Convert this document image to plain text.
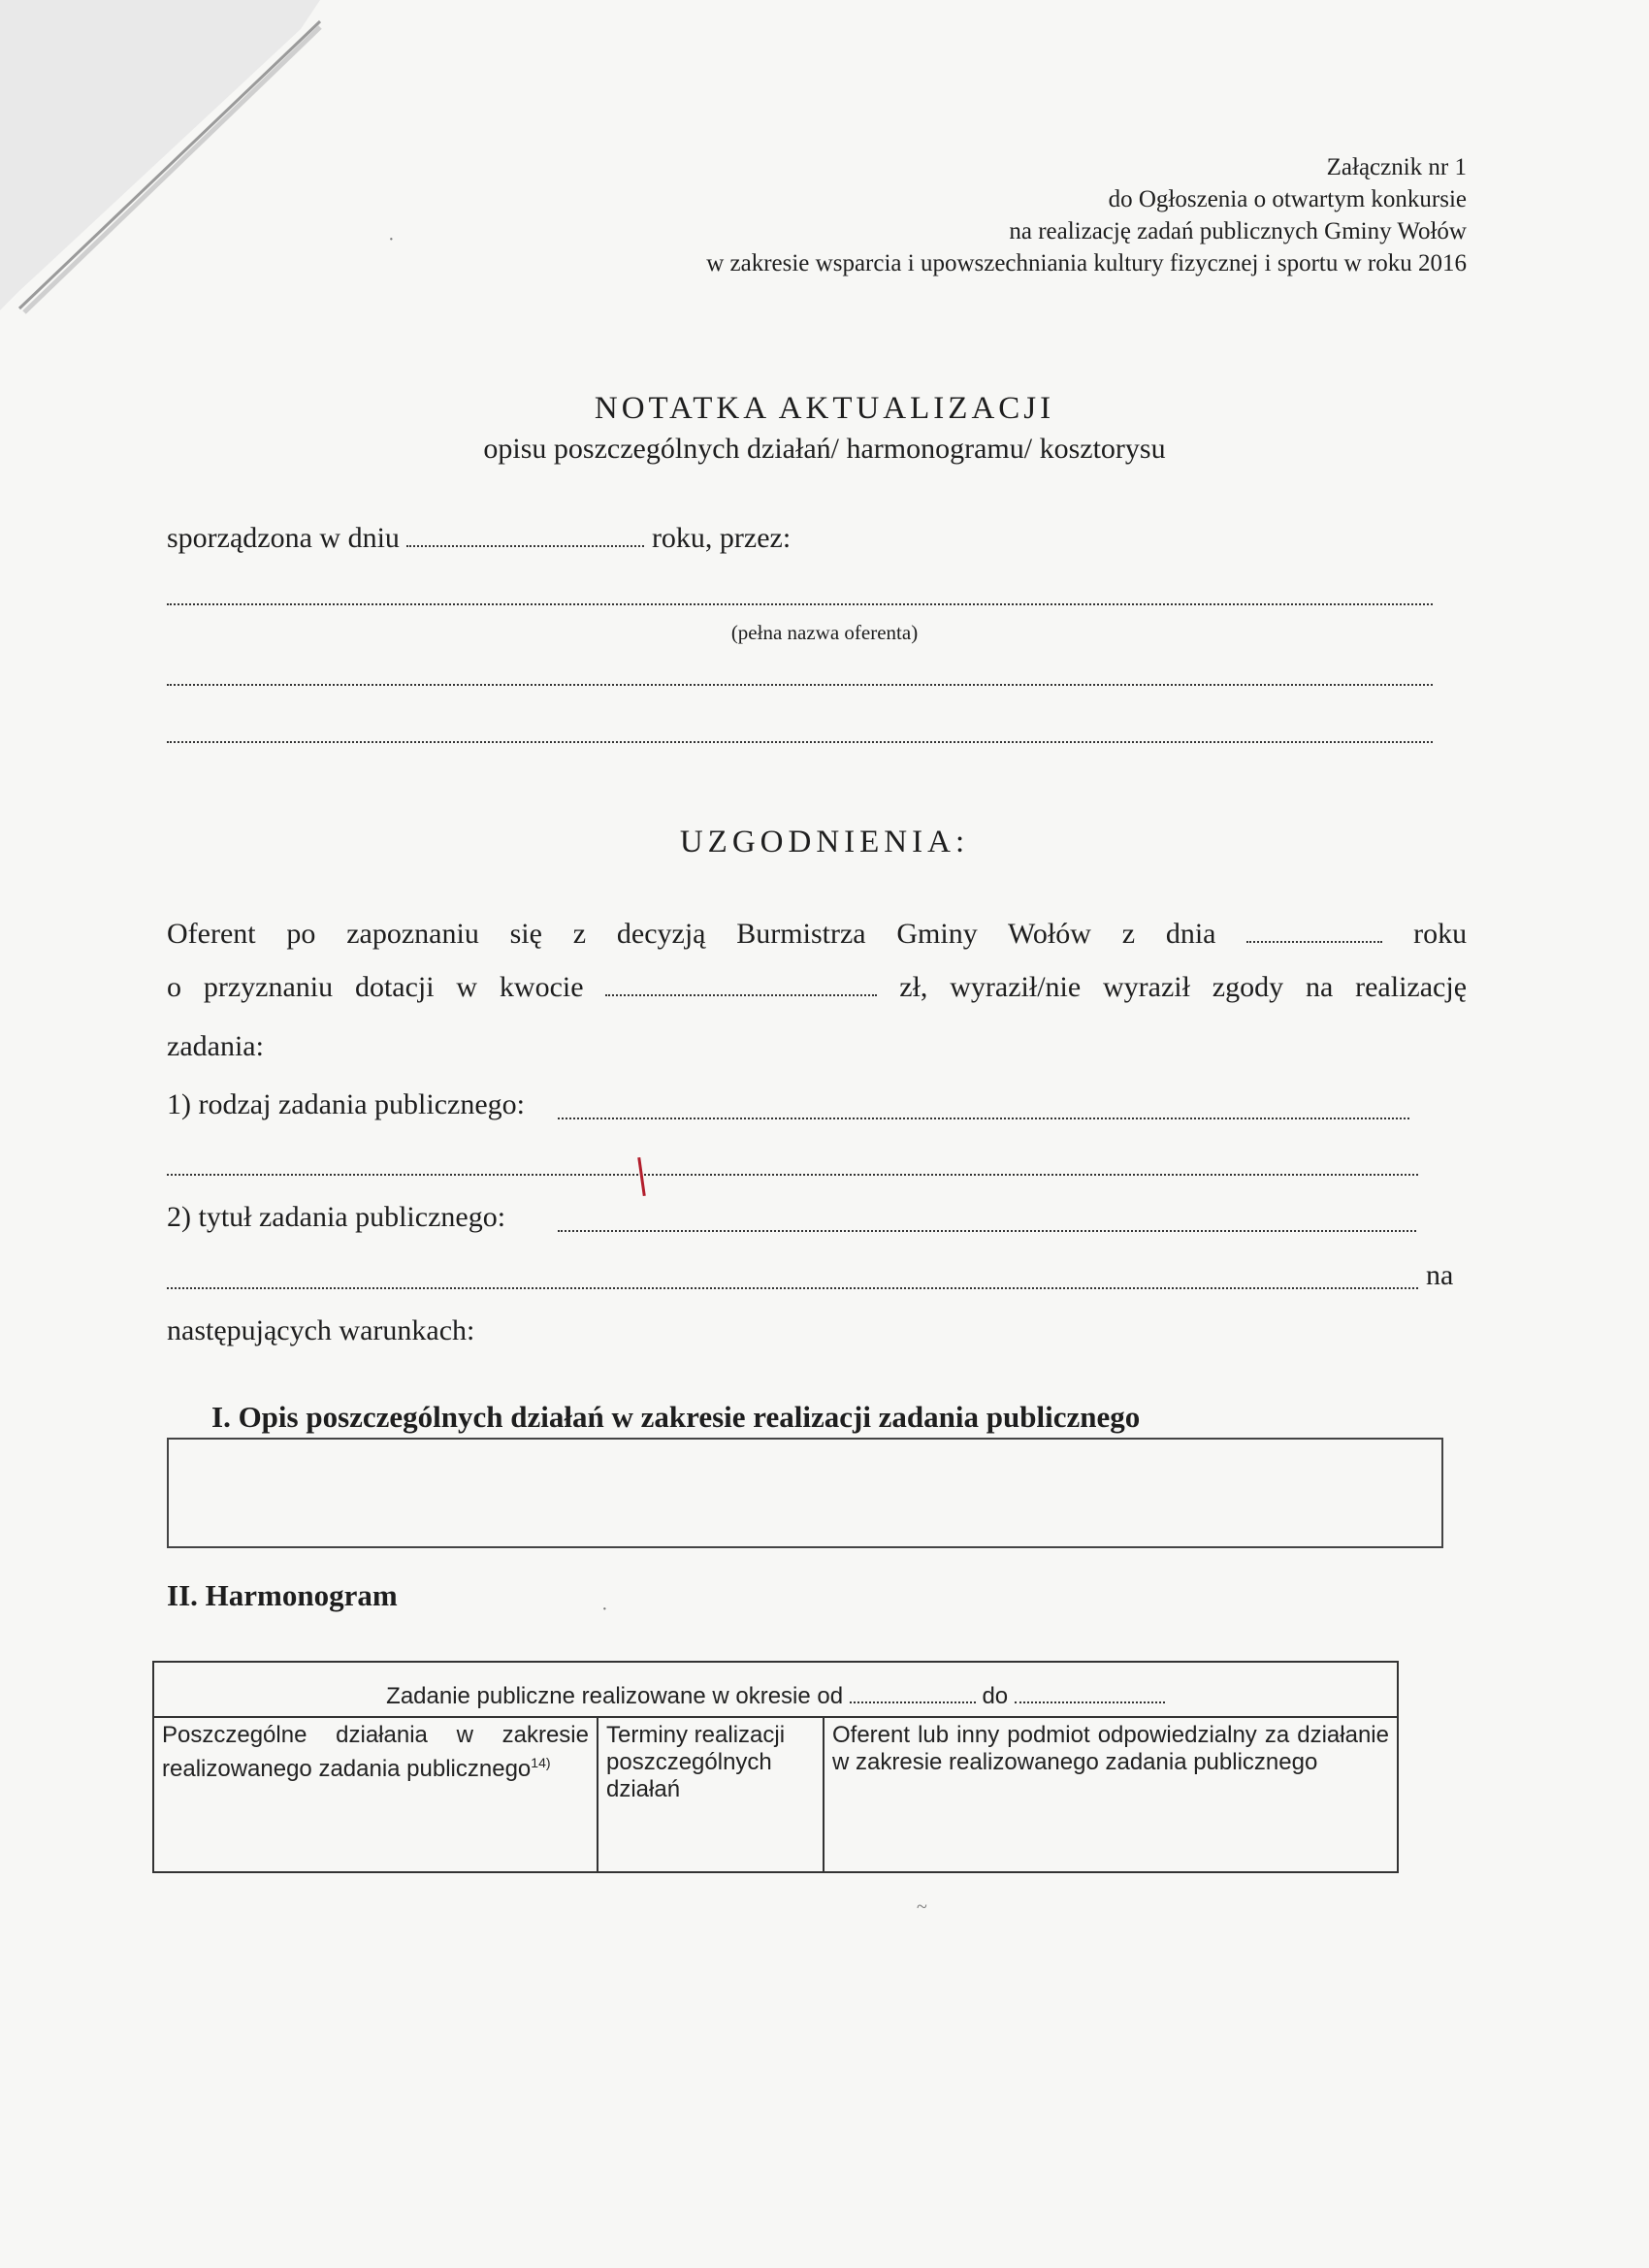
Załącznik nr 1
do Ogłoszenia o otwartym konkursie
na realizację zadań publicznych Gminy Wołów
w zakresie wsparcia i upowszechniania kultury fizycznej i sportu w roku 2016
NOTATKA AKTUALIZACJI
opisu poszczególnych działań/ harmonogramu/ kosztorysu
sporządzona w dniu	roku, przez:
(pełna nazwa oferenta)
UZGODNIENIA:
Oferent po zapoznaniu się z decyzją Burmistrza Gminy Wołów z dnia	roku
o przyznaniu dotacji w kwocie	zł, wyraził/nie wyraził zgody na realizację
zadania:
1) rodzaj zadania publicznego:
2) tytuł zadania publicznego:
na
następujących warunkach:
I. Opis poszczególnych działań w zakresie realizacji zadania publicznego
II. Harmonogram
Zadanie publiczne realizowane w okresie od	do
Poszczególne działania w zakresie realizowanego zadania publicznego$^{14)}$	Terminy realizacji poszczególnych działań	Oferent lub inny podmiot odpowiedzialny za działanie w zakresie realizowanego zadania publicznego
~
·
·
